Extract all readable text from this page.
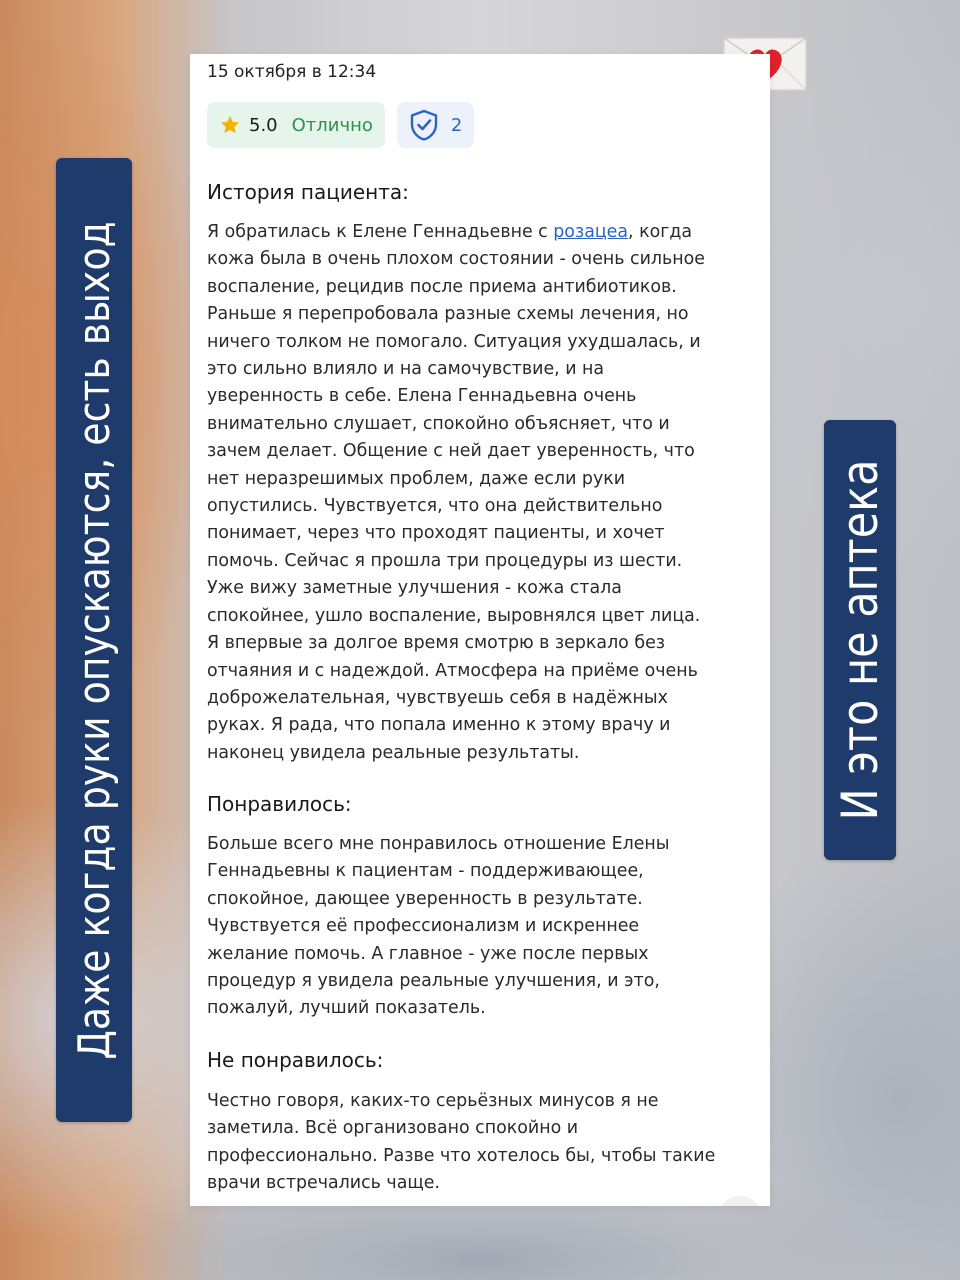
Даже когда руки опускаются, есть выход	И это не аптека
15 октября в 12:34
5.0 Отлично	2
История пациента:
Я обратилась к Елене Геннадьевне с розацеа, когда
кожа была в очень плохом состоянии - очень сильное
воспаление, рецидив после приема антибиотиков.
Раньше я перепробовала разные схемы лечения, но
ничего толком не помогало. Ситуация ухудшалась, и
это сильно влияло и на самочувствие, и на
уверенность в себе. Елена Геннадьевна очень
внимательно слушает, спокойно объясняет, что и
зачем делает. Общение с ней дает уверенность, что
нет неразрешимых проблем, даже если руки
опустились. Чувствуется, что она действительно
понимает, через что проходят пациенты, и хочет
помочь. Сейчас я прошла три процедуры из шести.
Уже вижу заметные улучшения - кожа стала
спокойнее, ушло воспаление, выровнялся цвет лица.
Я впервые за долгое время смотрю в зеркало без
отчаяния и с надеждой. Атмосфера на приёме очень
доброжелательная, чувствуешь себя в надёжных
руках. Я рада, что попала именно к этому врачу и
наконец увидела реальные результаты.
Понравилось:
Больше всего мне понравилось отношение Елены
Геннадьевны к пациентам - поддерживающее,
спокойное, дающее уверенность в результате.
Чувствуется её профессионализм и искреннее
желание помочь. А главное - уже после первых
процедур я увидела реальные улучшения, и это,
пожалуй, лучший показатель.
Не понравилось:
Честно говоря, каких-то серьёзных минусов я не
заметила. Всё организовано спокойно и
профессионально. Разве что хотелось бы, чтобы такие
врачи встречались чаще.
